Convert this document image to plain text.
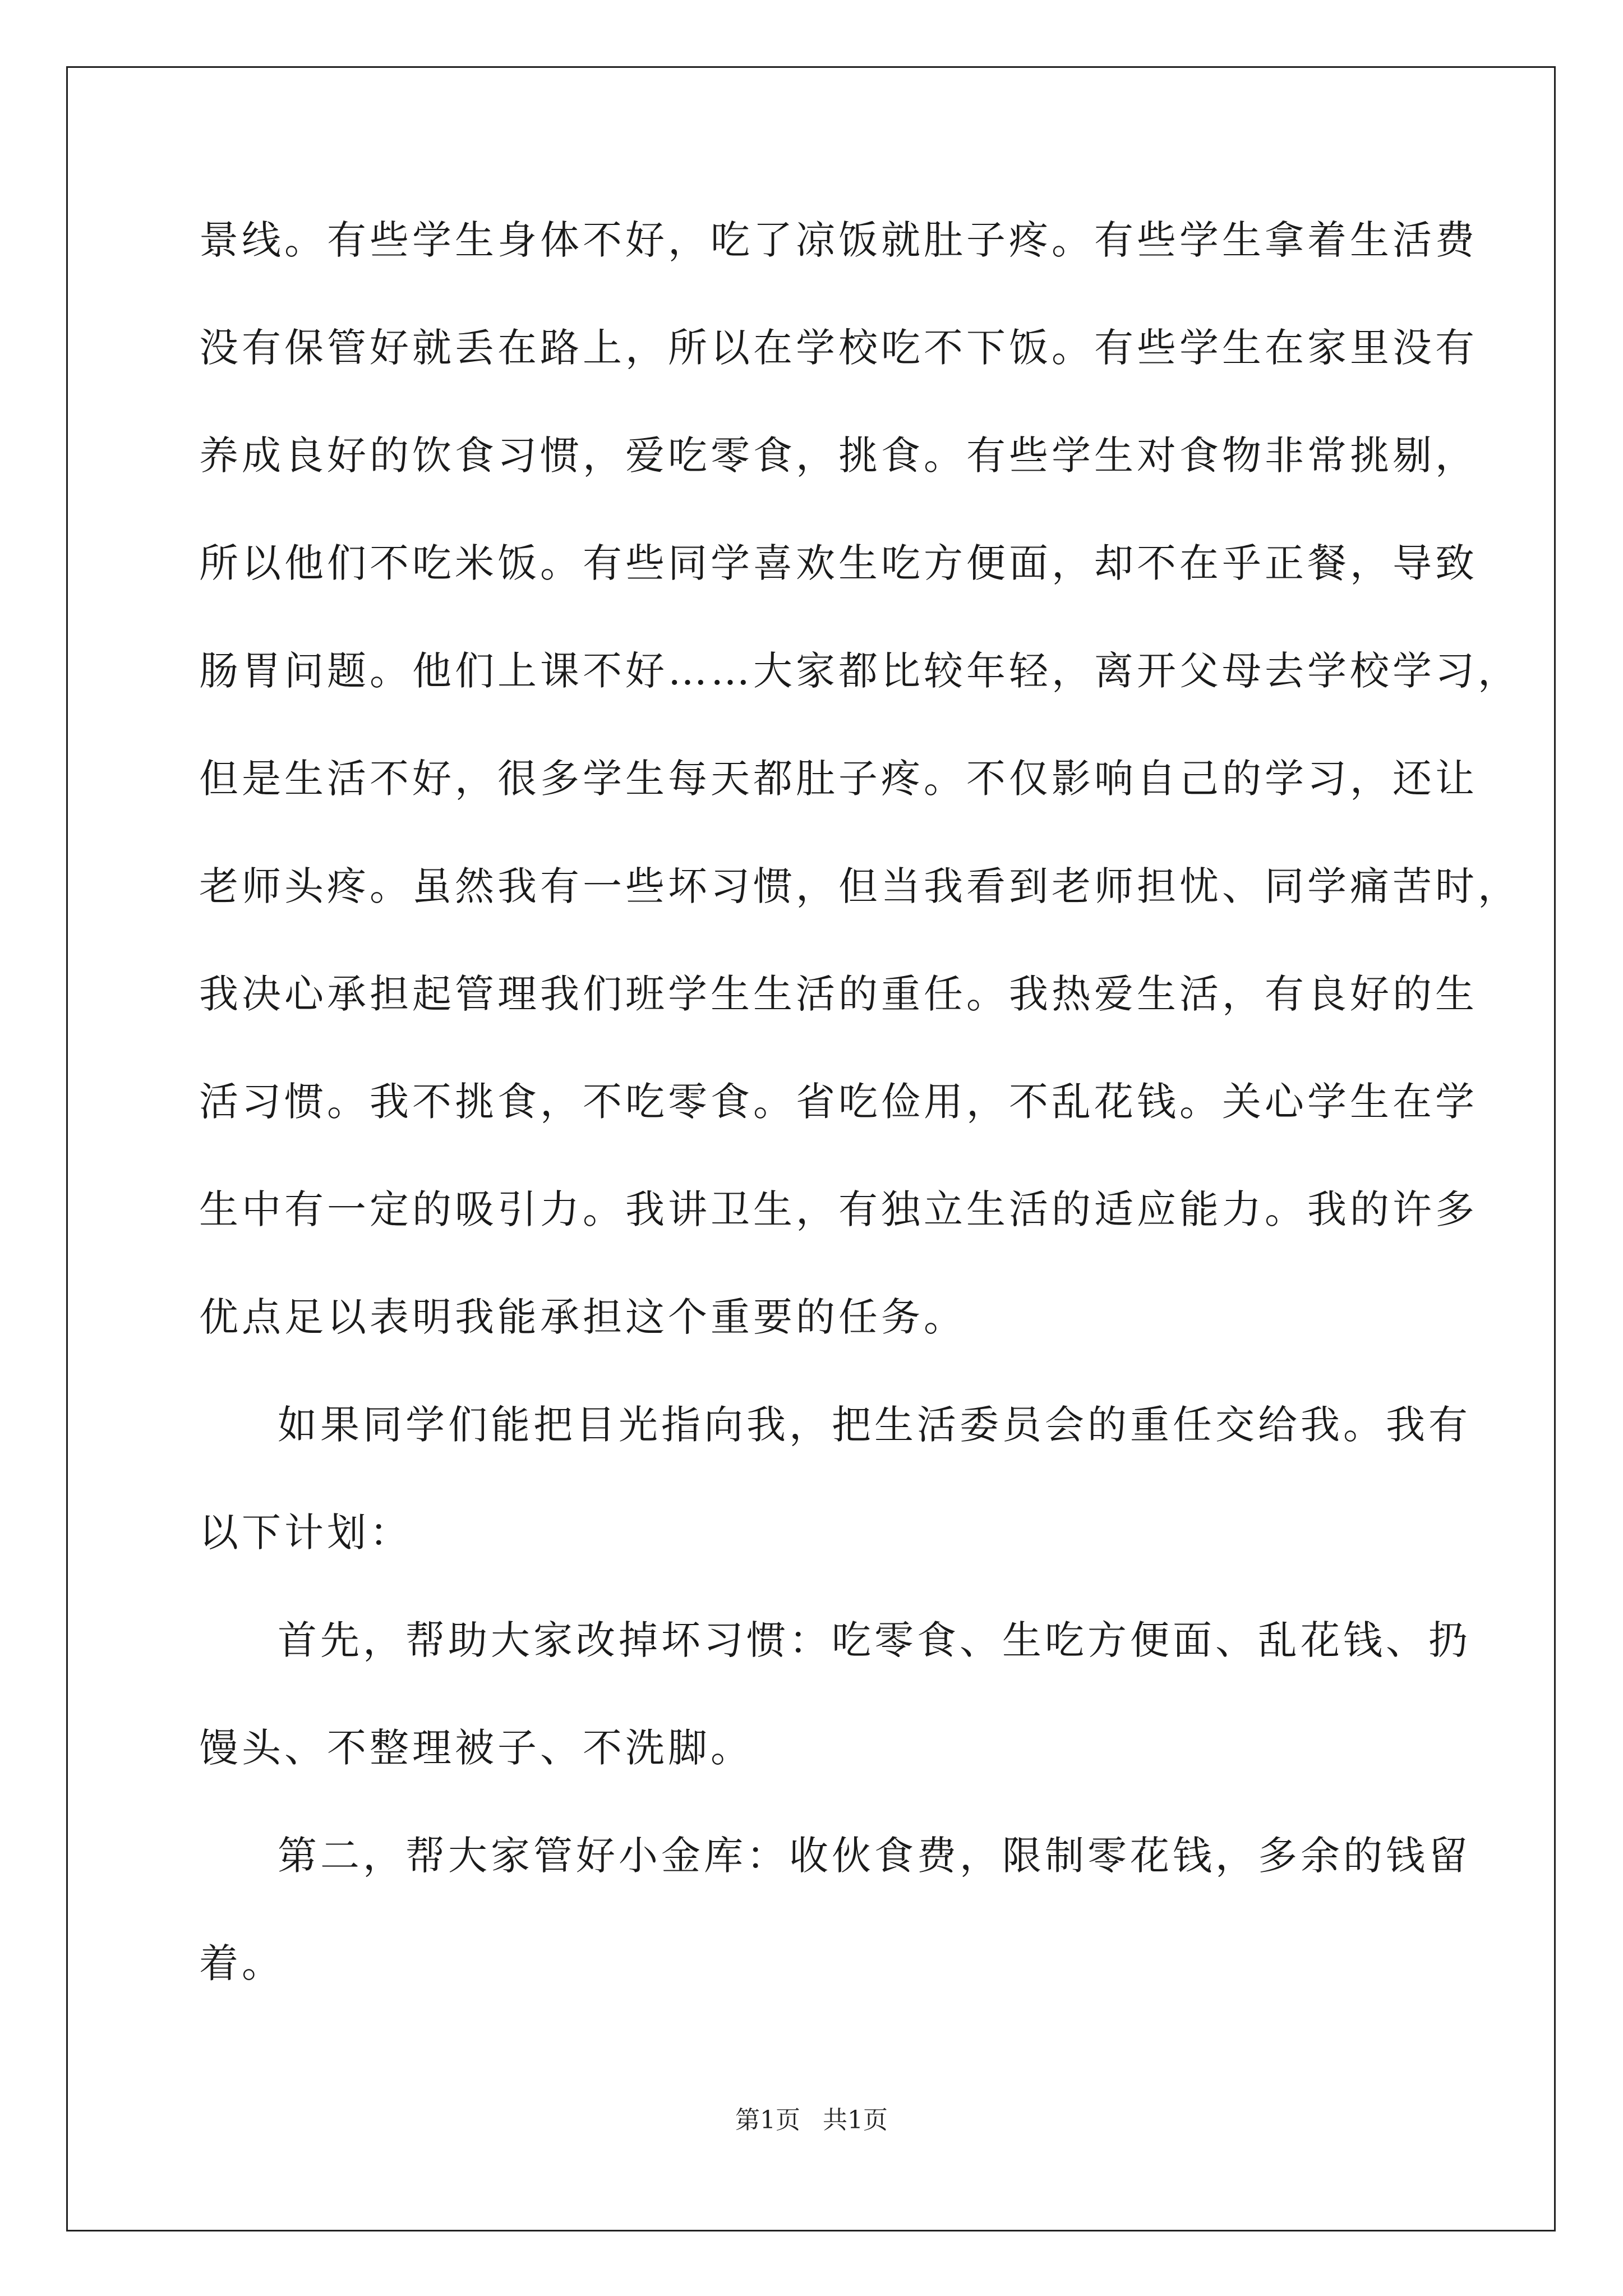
景线。有些学生身体不好，吃了凉饭就肚子疼。有些学生拿着生活费
没有保管好就丢在路上，所以在学校吃不下饭。有些学生在家里没有
养成良好的饮食习惯，爱吃零食，挑食。有些学生对食物非常挑剔，
所以他们不吃米饭。有些同学喜欢生吃方便面，却不在乎正餐，导致
肠胃问题。他们上课不好……大家都比较年轻，离开父母去学校学习，
但是生活不好，很多学生每天都肚子疼。不仅影响自己的学习，还让
老师头疼。虽然我有一些坏习惯，但当我看到老师担忧、同学痛苦时，
我决心承担起管理我们班学生生活的重任。我热爱生活，有良好的生
活习惯。我不挑食，不吃零食。省吃俭用，不乱花钱。关心学生在学
生中有一定的吸引力。我讲卫生，有独立生活的适应能力。我的许多
优点足以表明我能承担这个重要的任务。
如果同学们能把目光指向我，把生活委员会的重任交给我。我有
以下计划：
首先，帮助大家改掉坏习惯：吃零食、生吃方便面、乱花钱、扔
馒头、不整理被子、不洗脚。
第二，帮大家管好小金库：收伙食费，限制零花钱，多余的钱留
着。
第1页 共1页
